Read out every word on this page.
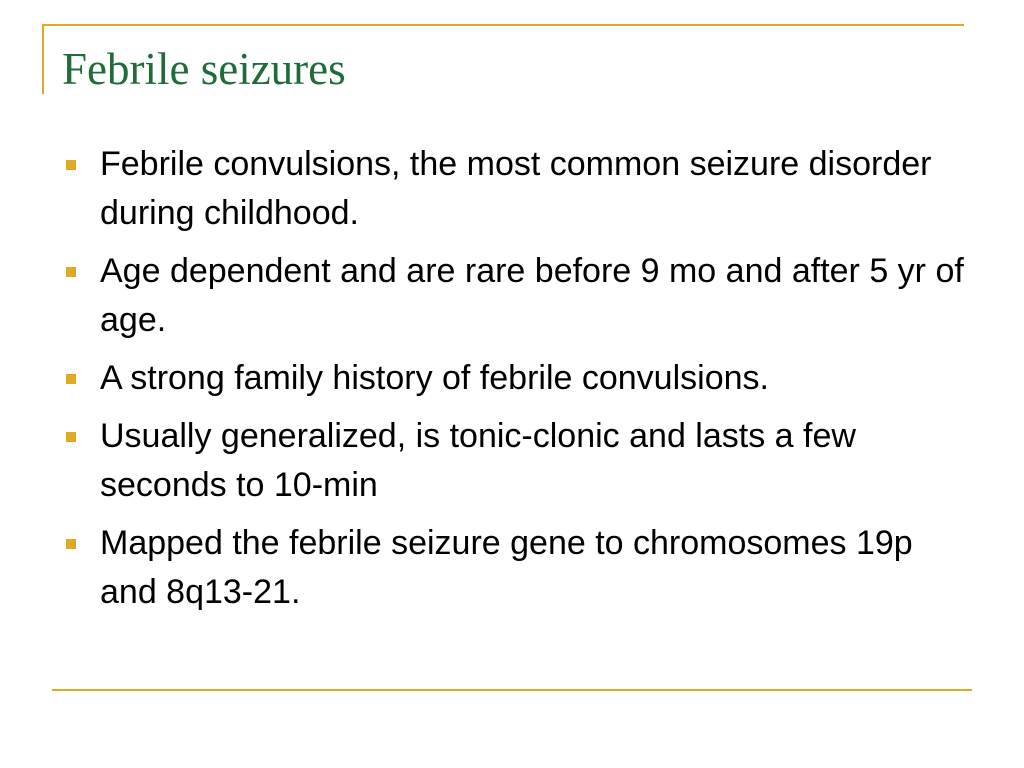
Febrile seizures
Febrile convulsions, the most common seizure disorder during childhood.
Age dependent and are rare before 9 mo and after 5 yr of age.
A strong family history of febrile convulsions.
Usually generalized, is tonic-clonic and lasts a few seconds to 10-min
Mapped the febrile seizure gene to chromosomes 19p and 8q13-21.
